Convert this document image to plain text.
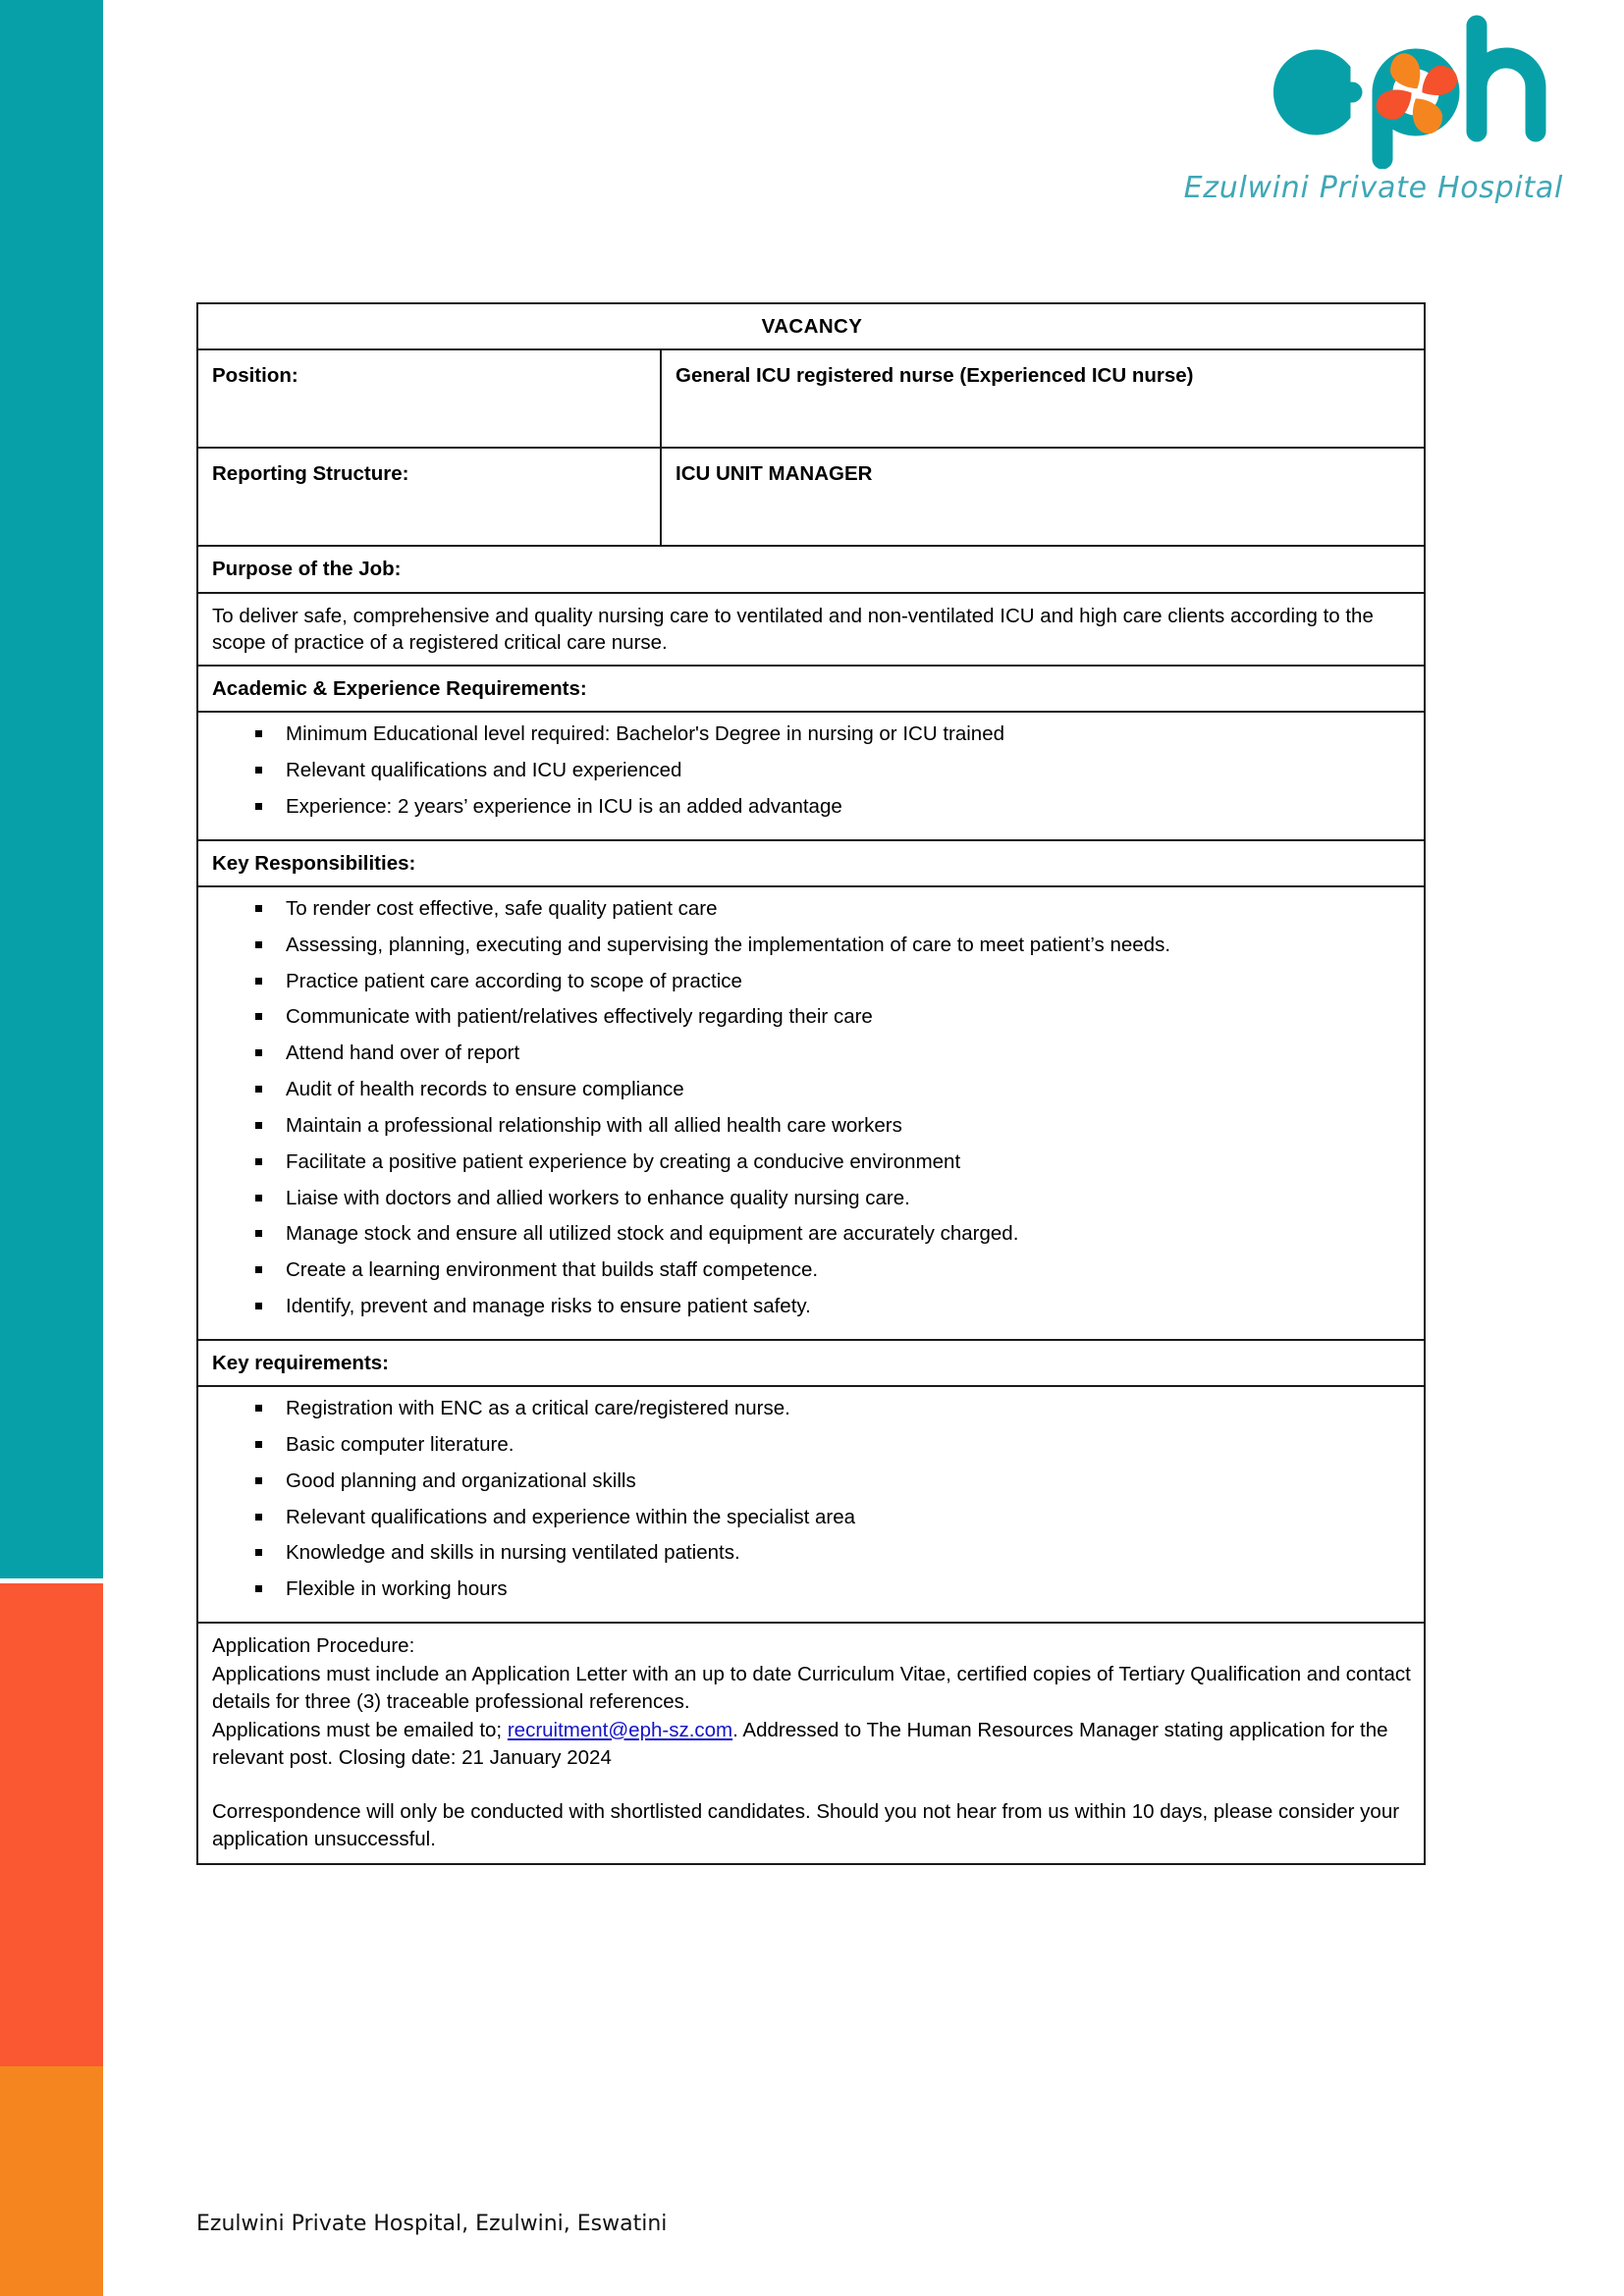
Ezulwini Private Hospital
VACANCY	
Position:	General ICU registered nurse (Experienced ICU nurse)
Reporting Structure:	ICU UNIT MANAGER
Purpose of the Job:	

To deliver safe, comprehensive and quality nursing care to ventilated and non-ventilated ICU and high care clients according to the scope of practice of a registered critical care nurse.	

Academic & Experience Requirements:	

Minimum Educational level required: Bachelor's Degree in nursing or ICU trained
Relevant qualifications and ICU experienced
Experience: 2 years’ experience in ICU is an added advantage

Key Responsibilities:	

To render cost effective, safe quality patient care
Assessing, planning, executing and supervising the implementation of care to meet patient’s needs.
Practice patient care according to scope of practice
Communicate with patient/relatives effectively regarding their care
Attend hand over of report
Audit of health records to ensure compliance
Maintain a professional relationship with all allied health care workers
Facilitate a positive patient experience by creating a conducive environment
Liaise with doctors and allied workers to enhance quality nursing care.
Manage stock and ensure all utilized stock and equipment are accurately charged.
Create a learning environment that builds staff competence.
Identify, prevent and manage risks to ensure patient safety.

Key requirements:	

Registration with ENC as a critical care/registered nurse.
Basic computer literature.
Good planning and organizational skills
Relevant qualifications and experience within the specialist area
Knowledge and skills in nursing ventilated patients.
Flexible in working hours

Application Procedure:

Applications must include an Application Letter with an up to date Curriculum Vitae, certified copies of Tertiary Qualification and contact details for three (3) traceable professional references.

Applications must be emailed to; recruitment@eph-sz.com. Addressed to The Human Resources Manager stating application for the relevant post. Closing date: 21 January 2024

Correspondence will only be conducted with shortlisted candidates. Should you not hear from us within 10 days, please consider your application unsuccessful.	

Ezulwini Private Hospital, Ezulwini, Eswatini
